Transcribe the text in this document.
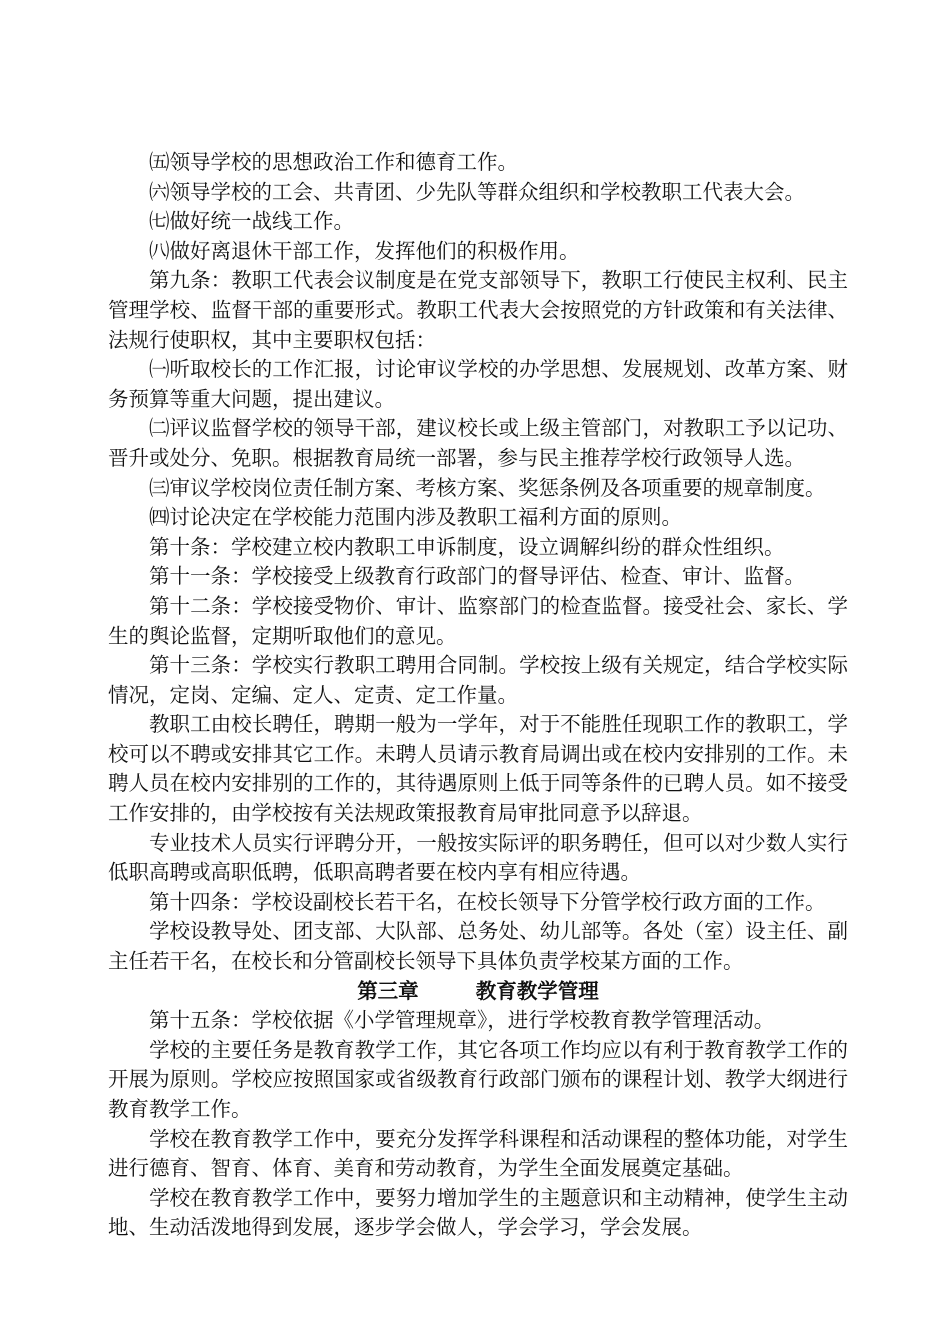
㈤领导学校的思想政治工作和德育工作。

㈥领导学校的工会、共青团、少先队等群众组织和学校教职工代表大会。

㈦做好统一战线工作。

㈧做好离退休干部工作，发挥他们的积极作用。

第九条：教职工代表会议制度是在党支部领导下，教职工行使民主权利、民主管理学校、监督干部的重要形式。教职工代表大会按照党的方针政策和有关法律、法规行使职权，其中主要职权包括：

㈠听取校长的工作汇报，讨论审议学校的办学思想、发展规划、改革方案、财务预算等重大问题，提出建议。

㈡评议监督学校的领导干部，建议校长或上级主管部门，对教职工予以记功、晋升或处分、免职。根据教育局统一部署，参与民主推荐学校行政领导人选。

㈢审议学校岗位责任制方案、考核方案、奖惩条例及各项重要的规章制度。

㈣讨论决定在学校能力范围内涉及教职工福利方面的原则。

第十条：学校建立校内教职工申诉制度，设立调解纠纷的群众性组织。

第十一条：学校接受上级教育行政部门的督导评估、检查、审计、监督。

第十二条：学校接受物价、审计、监察部门的检查监督。接受社会、家长、学生的舆论监督，定期听取他们的意见。

第十三条：学校实行教职工聘用合同制。学校按上级有关规定，结合学校实际情况，定岗、定编、定人、定责、定工作量。

教职工由校长聘任，聘期一般为一学年，对于不能胜任现职工作的教职工，学校可以不聘或安排其它工作。未聘人员请示教育局调出或在校内安排别的工作。未聘人员在校内安排别的工作的，其待遇原则上低于同等条件的已聘人员。如不接受工作安排的，由学校按有关法规政策报教育局审批同意予以辞退。

专业技术人员实行评聘分开，一般按实际评的职务聘任，但可以对少数人实行低职高聘或高职低聘，低职高聘者要在校内享有相应待遇。

第十四条：学校设副校长若干名，在校长领导下分管学校行政方面的工作。

学校设教导处、团支部、大队部、总务处、幼儿部等。各处（室）设主任、副主任若干名，在校长和分管副校长领导下具体负责学校某方面的工作。

第三章        教育教学管理

第十五条：学校依据《小学管理规章》，进行学校教育教学管理活动。

学校的主要任务是教育教学工作，其它各项工作均应以有利于教育教学工作的开展为原则。学校应按照国家或省级教育行政部门颁布的课程计划、教学大纲进行教育教学工作。

学校在教育教学工作中，要充分发挥学科课程和活动课程的整体功能，对学生进行德育、智育、体育、美育和劳动教育，为学生全面发展奠定基础。

学校在教育教学工作中，要努力增加学生的主题意识和主动精神，使学生主动地、生动活泼地得到发展，逐步学会做人，学会学习，学会发展。
